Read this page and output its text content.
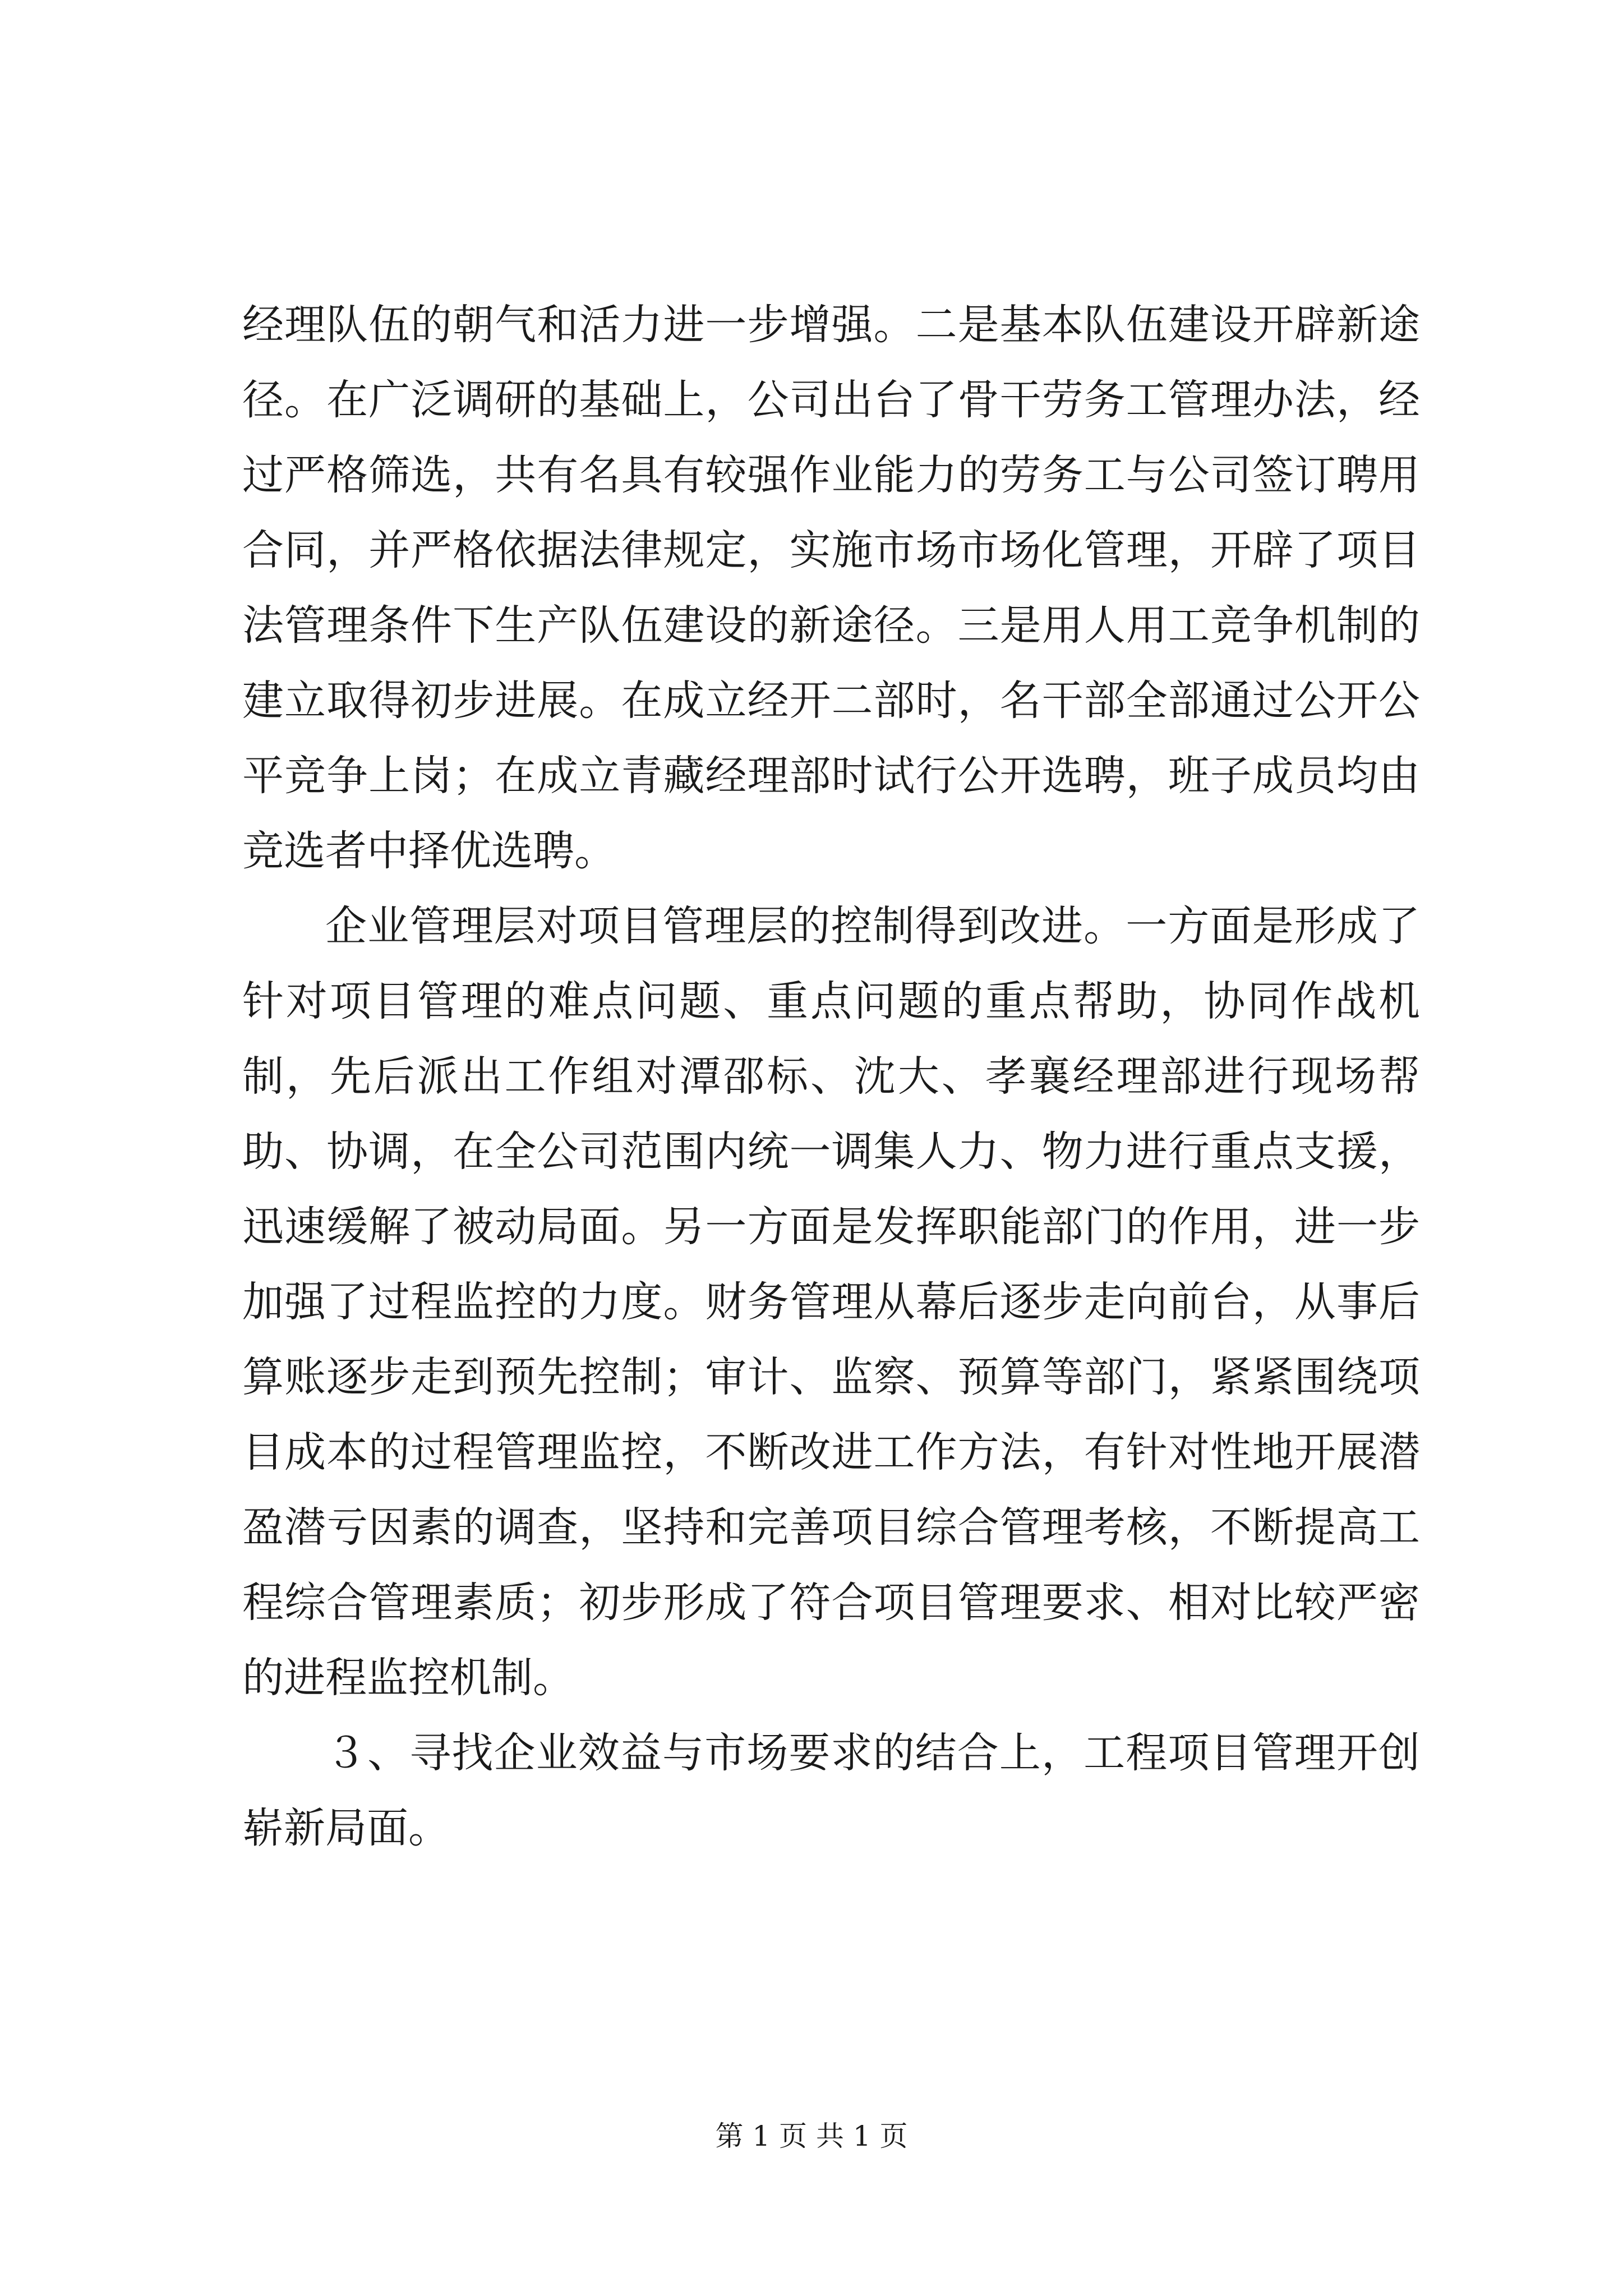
经理队伍的朝气和活力进一步增强。二是基本队伍建设开辟新途径。在广泛调研的基础上，公司出台了骨干劳务工管理办法，经过严格筛选，共有名具有较强作业能力的劳务工与公司签订聘用合同，并严格依据法律规定，实施市场市场化管理，开辟了项目法管理条件下生产队伍建设的新途径。三是用人用工竞争机制的建立取得初步进展。在成立经开二部时，名干部全部通过公开公平竞争上岗；在成立青藏经理部时试行公开选聘，班子成员均由竞选者中择优选聘。

企业管理层对项目管理层的控制得到改进。一方面是形成了针对项目管理的难点问题、重点问题的重点帮助，协同作战机制，先后派出工作组对潭邵标、沈大、孝襄经理部进行现场帮助、协调，在全公司范围内统一调集人力、物力进行重点支援，迅速缓解了被动局面。另一方面是发挥职能部门的作用，进一步加强了过程监控的力度。财务管理从幕后逐步走向前台，从事后算账逐步走到预先控制；审计、监察、预算等部门，紧紧围绕项目成本的过程管理监控，不断改进工作方法，有针对性地开展潜盈潜亏因素的调查，坚持和完善项目综合管理考核，不断提高工程综合管理素质；初步形成了符合项目管理要求、相对比较严密的进程监控机制。

３、寻找企业效益与市场要求的结合上，工程项目管理开创崭新局面。

第 1 页 共 1 页
